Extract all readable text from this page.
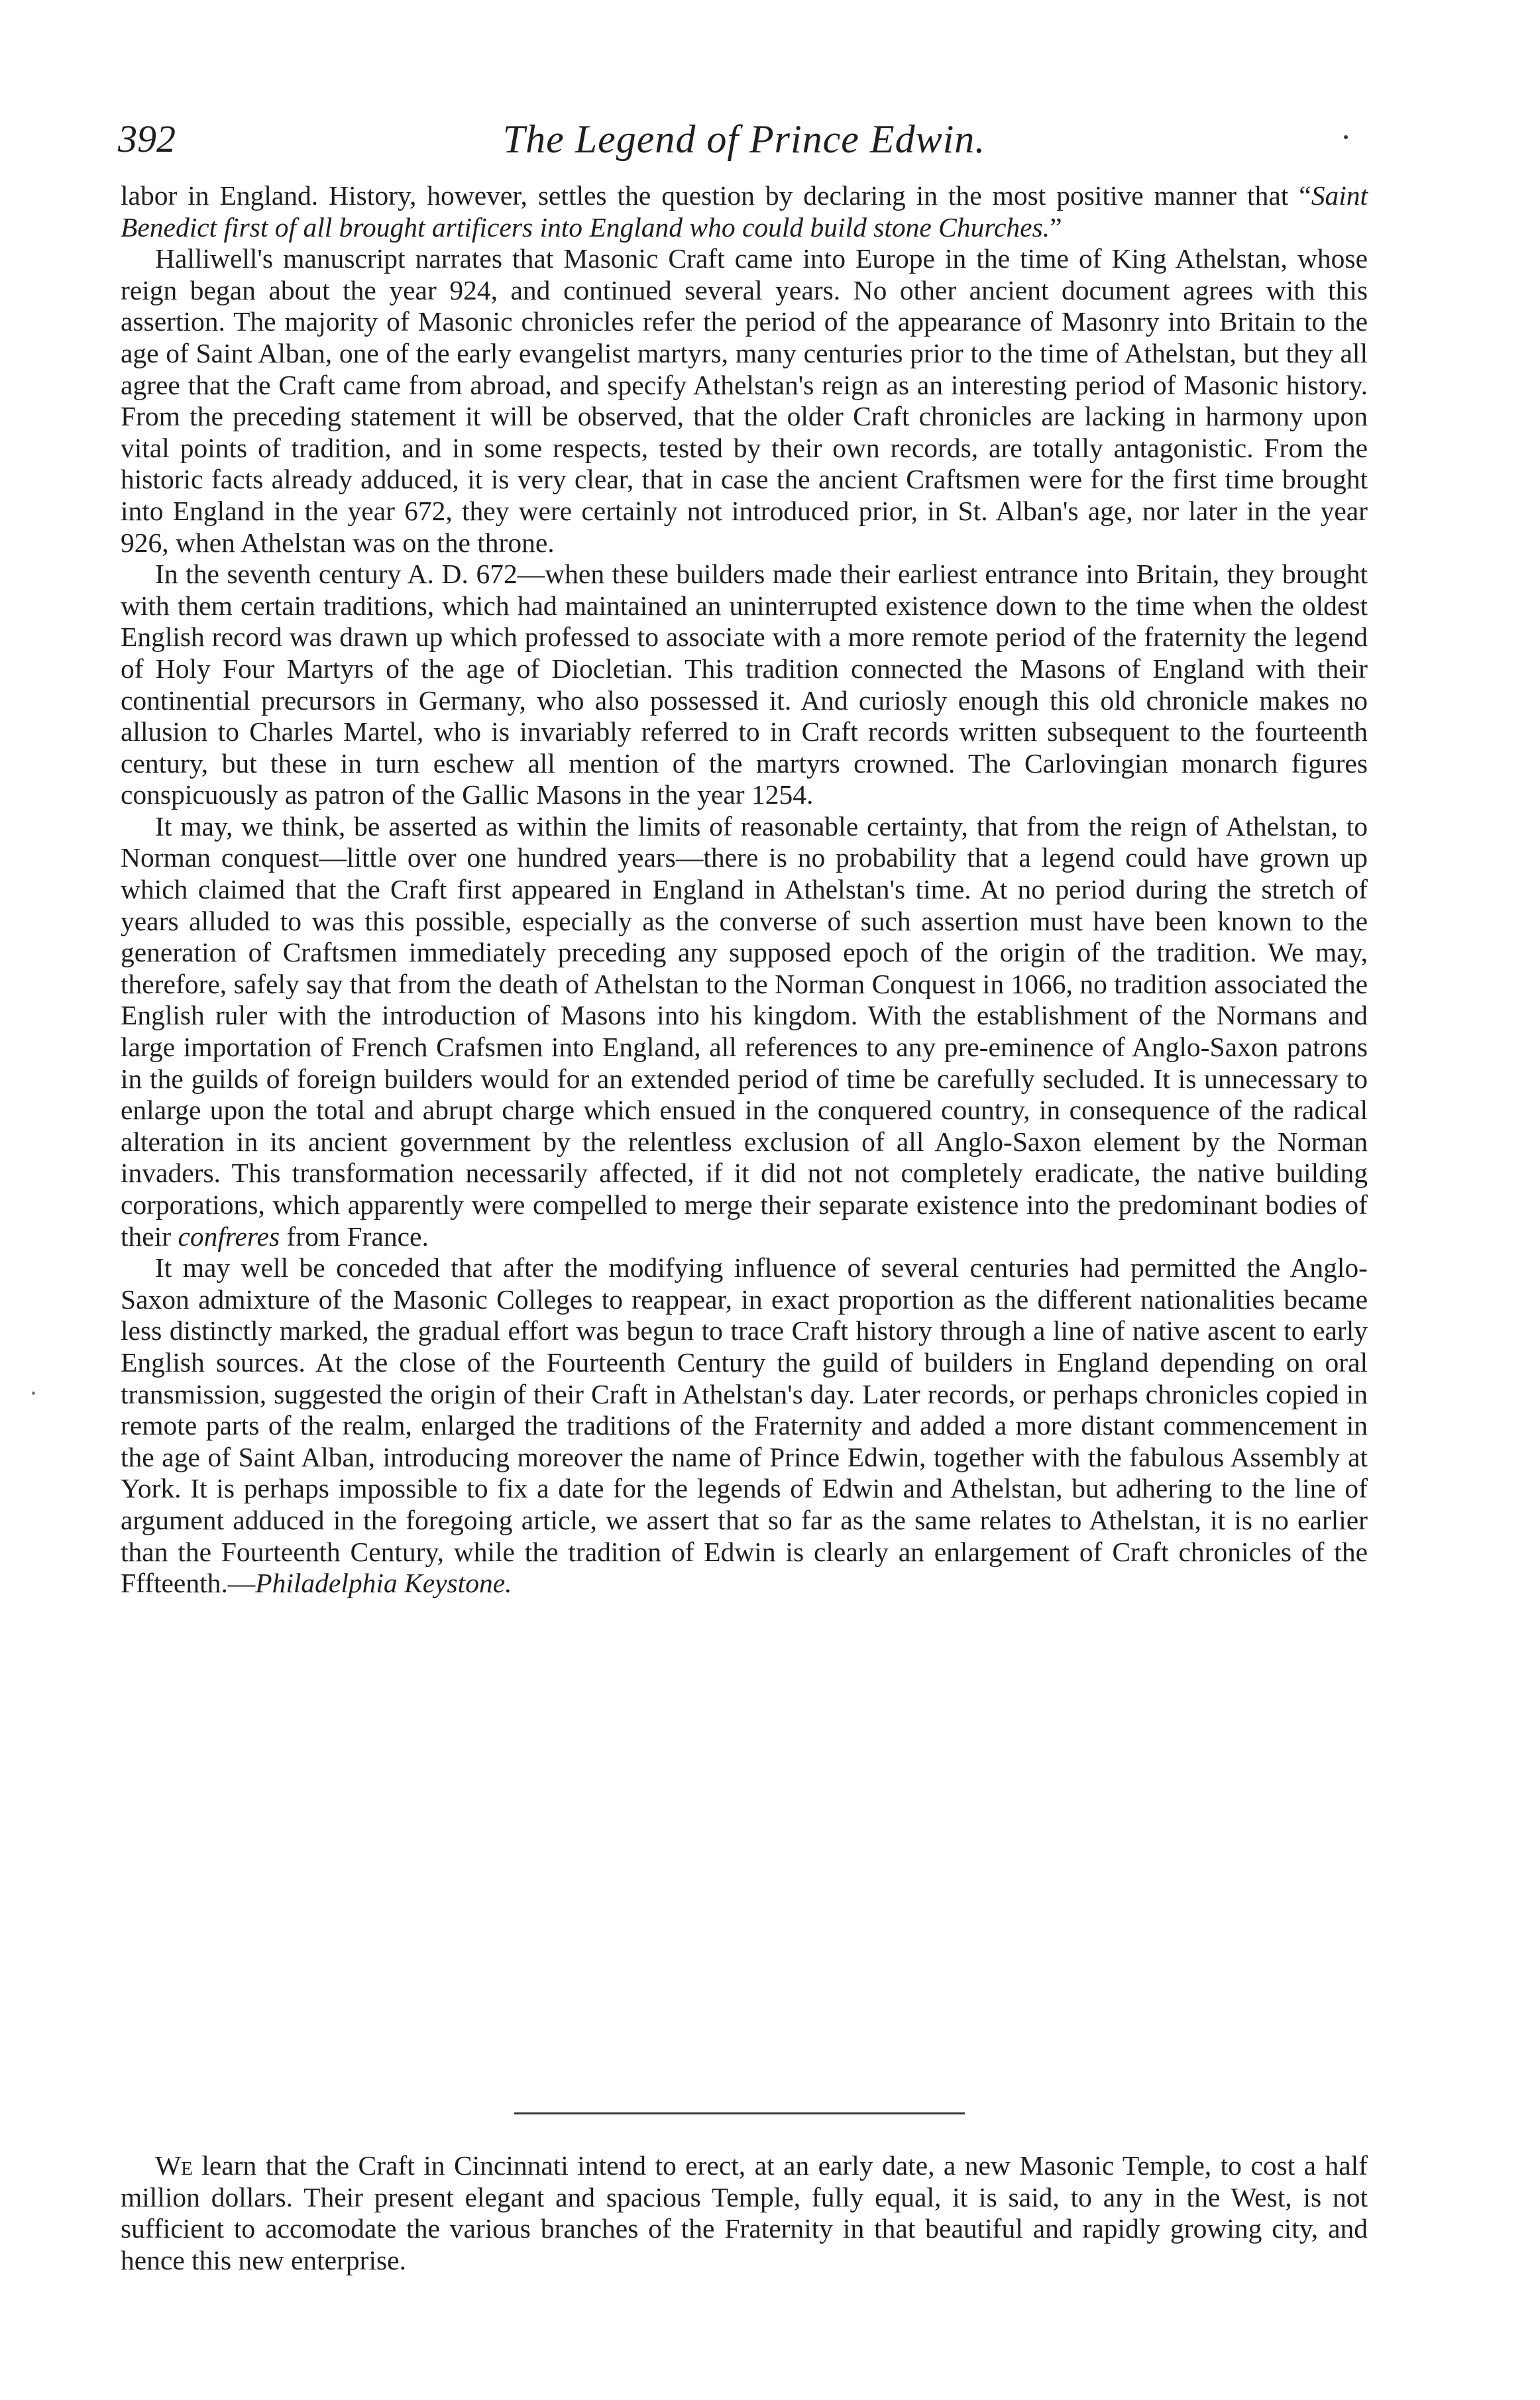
392	The Legend of Prince Edwin.

labor in England. History, however, settles the question by declaring in the most positive manner that “Saint Benedict first of all brought artificers into England who could build stone Churches.”

Halliwell's manuscript narrates that Masonic Craft came into Europe in the time of King Athelstan, whose reign began about the year 924, and continued several years. No other ancient document agrees with this assertion. The majority of Masonic chronicles refer the period of the appearance of Masonry into Britain to the age of Saint Alban, one of the early evangelist martyrs, many centuries prior to the time of Athelstan, but they all agree that the Craft came from abroad, and specify Athelstan's reign as an interesting period of Masonic history. From the preceding statement it will be observed, that the older Craft chronicles are lacking in harmony upon vital points of tradition, and in some respects, tested by their own records, are totally antagonistic. From the historic facts already adduced, it is very clear, that in case the ancient Craftsmen were for the first time brought into England in the year 672, they were certainly not introduced prior, in St. Alban's age, nor later in the year 926, when Athelstan was on the throne.

In the seventh century A. D. 672—when these builders made their earliest entrance into Britain, they brought with them certain traditions, which had maintained an uninterrupted existence down to the time when the oldest English record was drawn up which professed to associate with a more remote period of the fraternity the legend of Holy Four Martyrs of the age of Diocletian. This tradition connected the Masons of England with their continential precursors in Germany, who also possessed it. And curiosly enough this old chronicle makes no allusion to Charles Martel, who is invariably referred to in Craft records written subsequent to the fourteenth century, but these in turn eschew all mention of the martyrs crowned. The Carlovingian monarch figures conspicuously as patron of the Gallic Masons in the year 1254.

It may, we think, be asserted as within the limits of reasonable certainty, that from the reign of Athelstan, to Norman conquest—little over one hundred years—there is no probability that a legend could have grown up which claimed that the Craft first appeared in England in Athelstan's time. At no period during the stretch of years alluded to was this possible, especially as the converse of such assertion must have been known to the generation of Craftsmen immediately preceding any supposed epoch of the origin of the tradition. We may, therefore, safely say that from the death of Athelstan to the Norman Conquest in 1066, no tradition associated the English ruler with the introduction of Masons into his kingdom. With the establishment of the Normans and large importation of French Crafsmen into England, all references to any pre-eminence of Anglo-Saxon patrons in the guilds of foreign builders would for an extended period of time be carefully secluded. It is unnecessary to enlarge upon the total and abrupt charge which ensued in the conquered country, in consequence of the radical alteration in its ancient government by the relentless exclusion of all Anglo-Saxon element by the Norman invaders. This transformation necessarily affected, if it did not not completely eradicate, the native building corporations, which apparently were compelled to merge their separate existence into the predominant bodies of their confreres from France.

It may well be conceded that after the modifying influence of several centuries had permitted the Anglo-Saxon admixture of the Masonic Colleges to reappear, in exact proportion as the different nationalities became less distinctly marked, the gradual effort was begun to trace Craft history through a line of native ascent to early English sources. At the close of the Fourteenth Century the guild of builders in England depending on oral transmission, suggested the origin of their Craft in Athelstan's day. Later records, or perhaps chronicles copied in remote parts of the realm, enlarged the traditions of the Fraternity and added a more distant commencement in the age of Saint Alban, introducing moreover the name of Prince Edwin, together with the fabulous Assembly at York. It is perhaps impossible to fix a date for the legends of Edwin and Athelstan, but adhering to the line of argument adduced in the foregoing article, we assert that so far as the same relates to Athelstan, it is no earlier than the Fourteenth Century, while the tradition of Edwin is clearly an enlargement of Craft chronicles of the Fffteenth.—Philadelphia Keystone.

We learn that the Craft in Cincinnati intend to erect, at an early date, a new Masonic Temple, to cost a half million dollars. Their present elegant and spacious Temple, fully equal, it is said, to any in the West, is not sufficient to accomodate the various branches of the Fraternity in that beautiful and rapidly growing city, and hence this new enterprise.
